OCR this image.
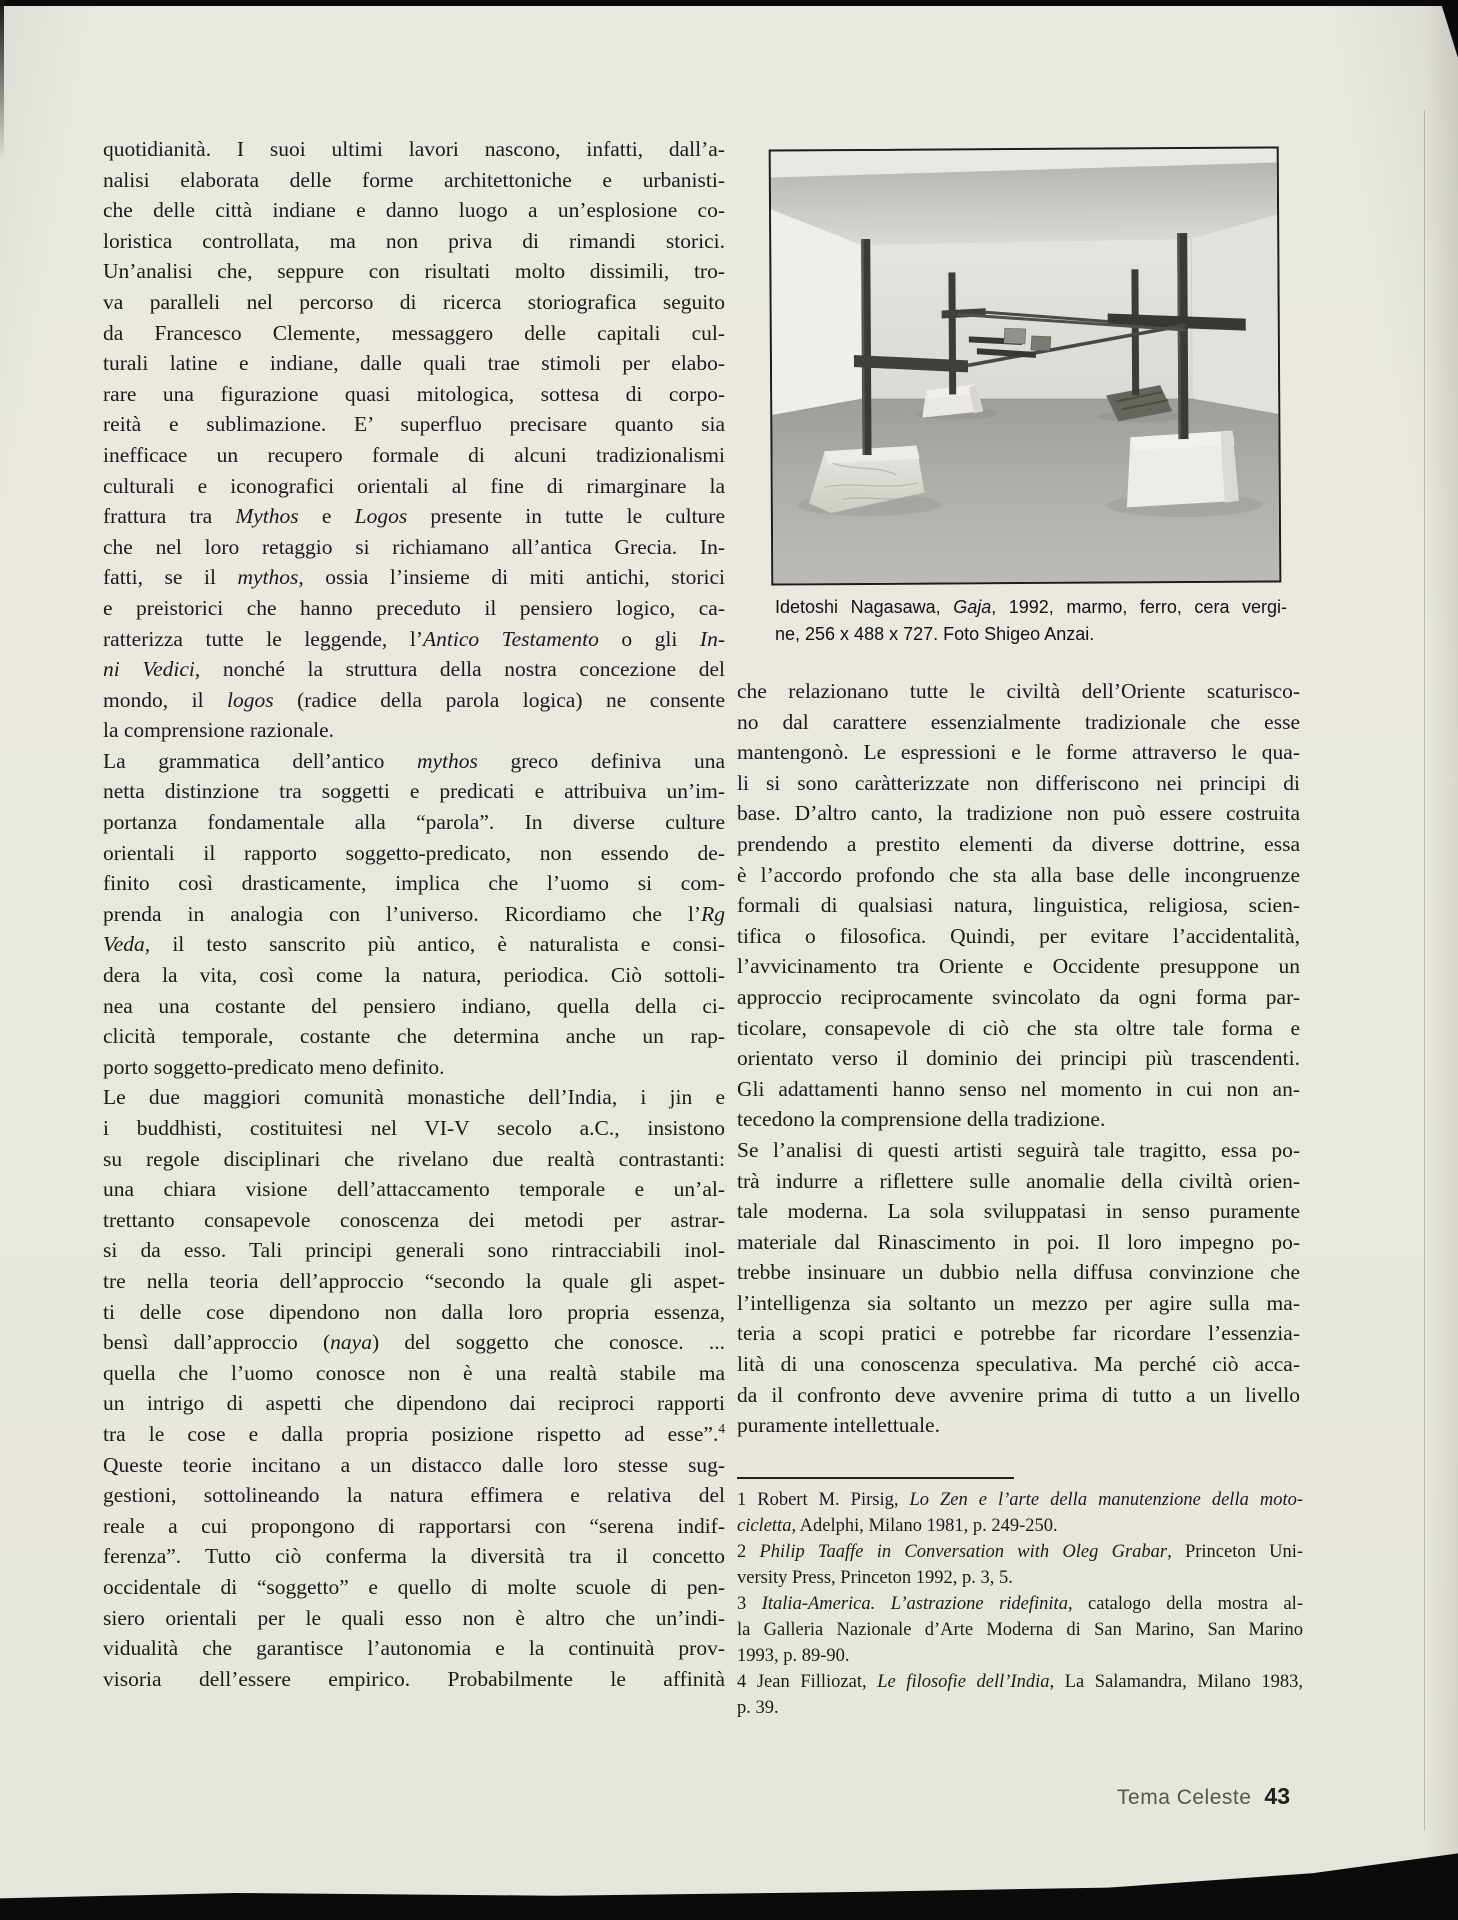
quotidianità. I suoi ultimi lavori nascono, infatti, dall’a-
nalisi elaborata delle forme architettoniche e urbanisti-
che delle città indiane e danno luogo a un’esplosione co-
loristica controllata, ma non priva di rimandi storici.
Un’analisi che, seppure con risultati molto dissimili, tro-
va paralleli nel percorso di ricerca storiografica seguito
da Francesco Clemente, messaggero delle capitali cul-
turali latine e indiane, dalle quali trae stimoli per elabo-
rare una figurazione quasi mitologica, sottesa di corpo-
reità e sublimazione. E’ superfluo precisare quanto sia
inefficace un recupero formale di alcuni tradizionalismi
culturali e iconografici orientali al fine di rimarginare la
frattura tra Mythos e Logos presente in tutte le culture
che nel loro retaggio si richiamano all’antica Grecia. In-
fatti, se il mythos, ossia l’insieme di miti antichi, storici
e preistorici che hanno preceduto il pensiero logico, ca-
ratterizza tutte le leggende, l’Antico Testamento o gli In-
ni Vedici, nonché la struttura della nostra concezione del
mondo, il logos (radice della parola logica) ne consente
la comprensione razionale.
La grammatica dell’antico mythos greco definiva una
netta distinzione tra soggetti e predicati e attribuiva un’im-
portanza fondamentale alla “parola”. In diverse culture
orientali il rapporto soggetto-predicato, non essendo de-
finito così drasticamente, implica che l’uomo si com-
prenda in analogia con l’universo. Ricordiamo che l’Rg
Veda, il testo sanscrito più antico, è naturalista e consi-
dera la vita, così come la natura, periodica. Ciò sottoli-
nea una costante del pensiero indiano, quella della ci-
clicità temporale, costante che determina anche un rap-
porto soggetto-predicato meno definito.
Le due maggiori comunità monastiche dell’India, i jin e
i buddhisti, costituitesi nel VI-V secolo a.C., insistono
su regole disciplinari che rivelano due realtà contrastanti:
una chiara visione dell’attaccamento temporale e un’al-
trettanto consapevole conoscenza dei metodi per astrar-
si da esso. Tali principi generali sono rintracciabili inol-
tre nella teoria dell’approccio “secondo la quale gli aspet-
ti delle cose dipendono non dalla loro propria essenza,
bensì dall’approccio (naya) del soggetto che conosce. ...
quella che l’uomo conosce non è una realtà stabile ma
un intrigo di aspetti che dipendono dai reciproci rapporti
tra le cose e dalla propria posizione rispetto ad esse”.$^4$
Queste teorie incitano a un distacco dalle loro stesse sug-
gestioni, sottolineando la natura effimera e relativa del
reale a cui propongono di rapportarsi con “serena indif-
ferenza”. Tutto ciò conferma la diversità tra il concetto
occidentale di “soggetto” e quello di molte scuole di pen-
siero orientali per le quali esso non è altro che un’indi-
vidualità che garantisce l’autonomia e la continuità prov-
visoria dell’essere empirico. Probabilmente le affinità
Idetoshi Nagasawa, Gaja, 1992, marmo, ferro, cera vergi-
ne, 256 x 488 x 727. Foto Shigeo Anzai.
che relazionano tutte le civiltà dell’Oriente scaturisco-
no dal carattere essenzialmente tradizionale che esse
mantengonò. Le espressioni e le forme attraverso le qua-
li si sono caràtterizzate non differiscono nei principi di
base. D’altro canto, la tradizione non può essere costruita
prendendo a prestito elementi da diverse dottrine, essa
è l’accordo profondo che sta alla base delle incongruenze
formali di qualsiasi natura, linguistica, religiosa, scien-
tifica o filosofica. Quindi, per evitare l’accidentalità,
l’avvicinamento tra Oriente e Occidente presuppone un
approccio reciprocamente svincolato da ogni forma par-
ticolare, consapevole di ciò che sta oltre tale forma e
orientato verso il dominio dei principi più trascendenti.
Gli adattamenti hanno senso nel momento in cui non an-
tecedono la comprensione della tradizione.
Se l’analisi di questi artisti seguirà tale tragitto, essa po-
trà indurre a riflettere sulle anomalie della civiltà orien-
tale moderna. La sola sviluppatasi in senso puramente
materiale dal Rinascimento in poi. Il loro impegno po-
trebbe insinuare un dubbio nella diffusa convinzione che
l’intelligenza sia soltanto un mezzo per agire sulla ma-
teria a scopi pratici e potrebbe far ricordare l’essenzia-
lità di una conoscenza speculativa. Ma perché ciò acca-
da il confronto deve avvenire prima di tutto a un livello
puramente intellettuale.
1 Robert M. Pirsig, Lo Zen e l’arte della manutenzione della moto-
cicletta, Adelphi, Milano 1981, p. 249-250.
2 Philip Taaffe in Conversation with Oleg Grabar, Princeton Uni-
versity Press, Princeton 1992, p. 3, 5.
3 Italia-America. L’astrazione ridefinita, catalogo della mostra al-
la Galleria Nazionale d’Arte Moderna di San Marino, San Marino
1993, p. 89-90.
4 Jean Filliozat, Le filosofie dell’India, La Salamandra, Milano 1983,
p. 39.
Tema Celeste 43
